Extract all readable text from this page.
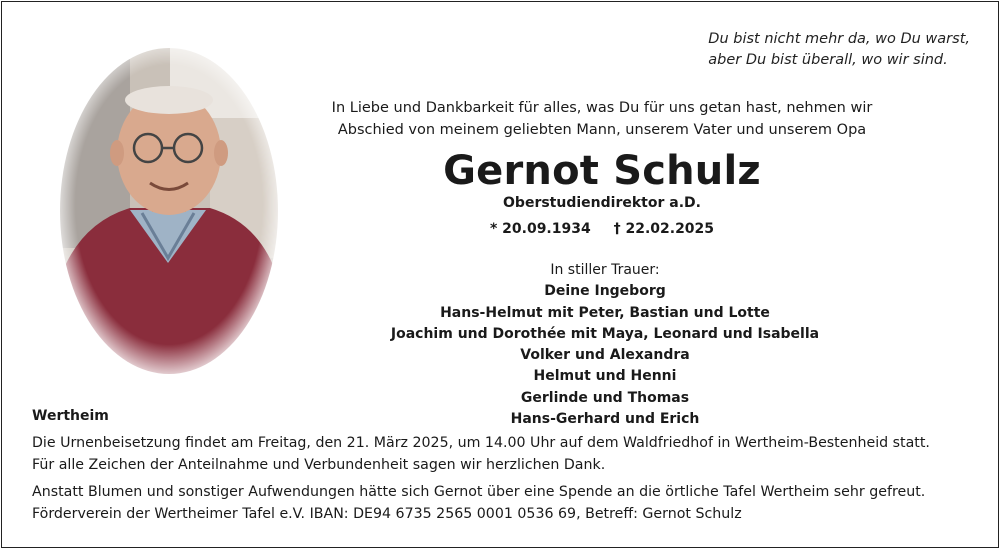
Du bist nicht mehr da, wo Du warst,
aber Du bist überall, wo wir sind.
In Liebe und Dankbarkeit für alles, was Du für uns getan hast, nehmen wir
Abschied von meinem geliebten Mann, unserem Vater und unserem Opa
Gernot Schulz
Oberstudiendirektor a.D.
* 20.09.1934 † 22.02.2025
In stiller Trauer:
Deine Ingeborg
Hans-Helmut mit Peter, Bastian und Lotte
Joachim und Dorothée mit Maya, Leonard und Isabella
Volker und Alexandra
Helmut und Henni
Gerlinde und Thomas
Hans-Gerhard und Erich
Wertheim

Die Urnenbeisetzung findet am Freitag, den 21. März 2025, um 14.00 Uhr auf dem Waldfriedhof in Wertheim-Bestenheid statt.

Für alle Zeichen der Anteilnahme und Verbundenheit sagen wir herzlichen Dank.

Anstatt Blumen und sonstiger Aufwendungen hätte sich Gernot über eine Spende an die örtliche Tafel Wertheim sehr gefreut.

Förderverein der Wertheimer Tafel e.V. IBAN: DE94 6735 2565 0001 0536 69, Betreff: Gernot Schulz
